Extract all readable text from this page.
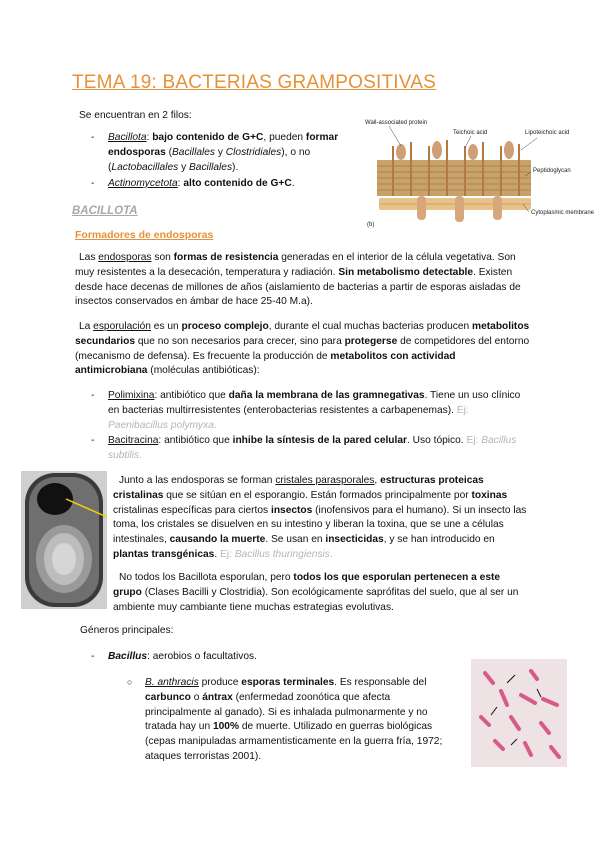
TEMA 19: BACTERIAS GRAMPOSITIVAS
Se encuentran en 2 filos:
- Bacillota: bajo contenido de G+C, pueden formar endosporas (Bacillales y Clostridiales), o no (Lactobacillales y Bacillales).
- Actinomycetota: alto contenido de G+C.
Wall-associated protein
Teichoic acid	Lipoteichoic acid
Peptidoglycan
Cytoplasmic membrane
(b)
BACILLOTA
Formadores de endosporas
Las endosporas son formas de resistencia generadas en el interior de la célula vegetativa. Son muy resistentes a la desecación, temperatura y radiación. Sin metabolismo detectable. Existen desde hace decenas de millones de años (aislamiento de bacterias a partir de esporas aisladas de insectos conservados en ámbar de hace 25-40 M.a).
La esporulación es un proceso complejo, durante el cual muchas bacterias producen metabolitos secundarios que no son necesarios para crecer, sino para protegerse de competidores del entorno (mecanismo de defensa). Es frecuente la producción de metabolitos con actividad antimicrobiana (moléculas antibióticas):
- Polimixina: antibiótico que daña la membrana de las gramnegativas. Tiene un uso clínico en bacterias multirresistentes (enterobacterias resistentes a carbapenemas). Ej: Paenibacillus polymyxa.
- Bacitracina: antibiótico que inhibe la síntesis de la pared celular. Uso tópico. Ej: Bacillus subtilis.
Junto a las endosporas se forman cristales parasporales, estructuras proteicas cristalinas que se sitúan en el esporangio. Están formados principalmente por toxinas cristalinas específicas para ciertos insectos (inofensivos para el humano). Si un insecto las toma, los cristales se disuelven en su intestino y liberan la toxina, que se une a células intestinales, causando la muerte. Se usan en insecticidas, y se han introducido en plantas transgénicas. Ej: Bacillus thuringiensis.
No todos los Bacillota esporulan, pero todos los que esporulan pertenecen a este grupo (Clases Bacilli y Clostridia). Son ecológicamente saprófitas del suelo, que al ser un ambiente muy cambiante tiene muchas estrategias evolutivas.
Géneros principales:
- Bacillus: aerobios o facultativos.
○ B. anthracis produce esporas terminales. Es responsable del carbunco o ántrax (enfermedad zoonótica que afecta principalmente al ganado). Si es inhalada pulmonarmente y no tratada hay un 100% de muerte. Utilizado en guerras biológicas (cepas manipuladas armamentisticamente en la guerra fría, 1972; ataques terroristas 2001).
